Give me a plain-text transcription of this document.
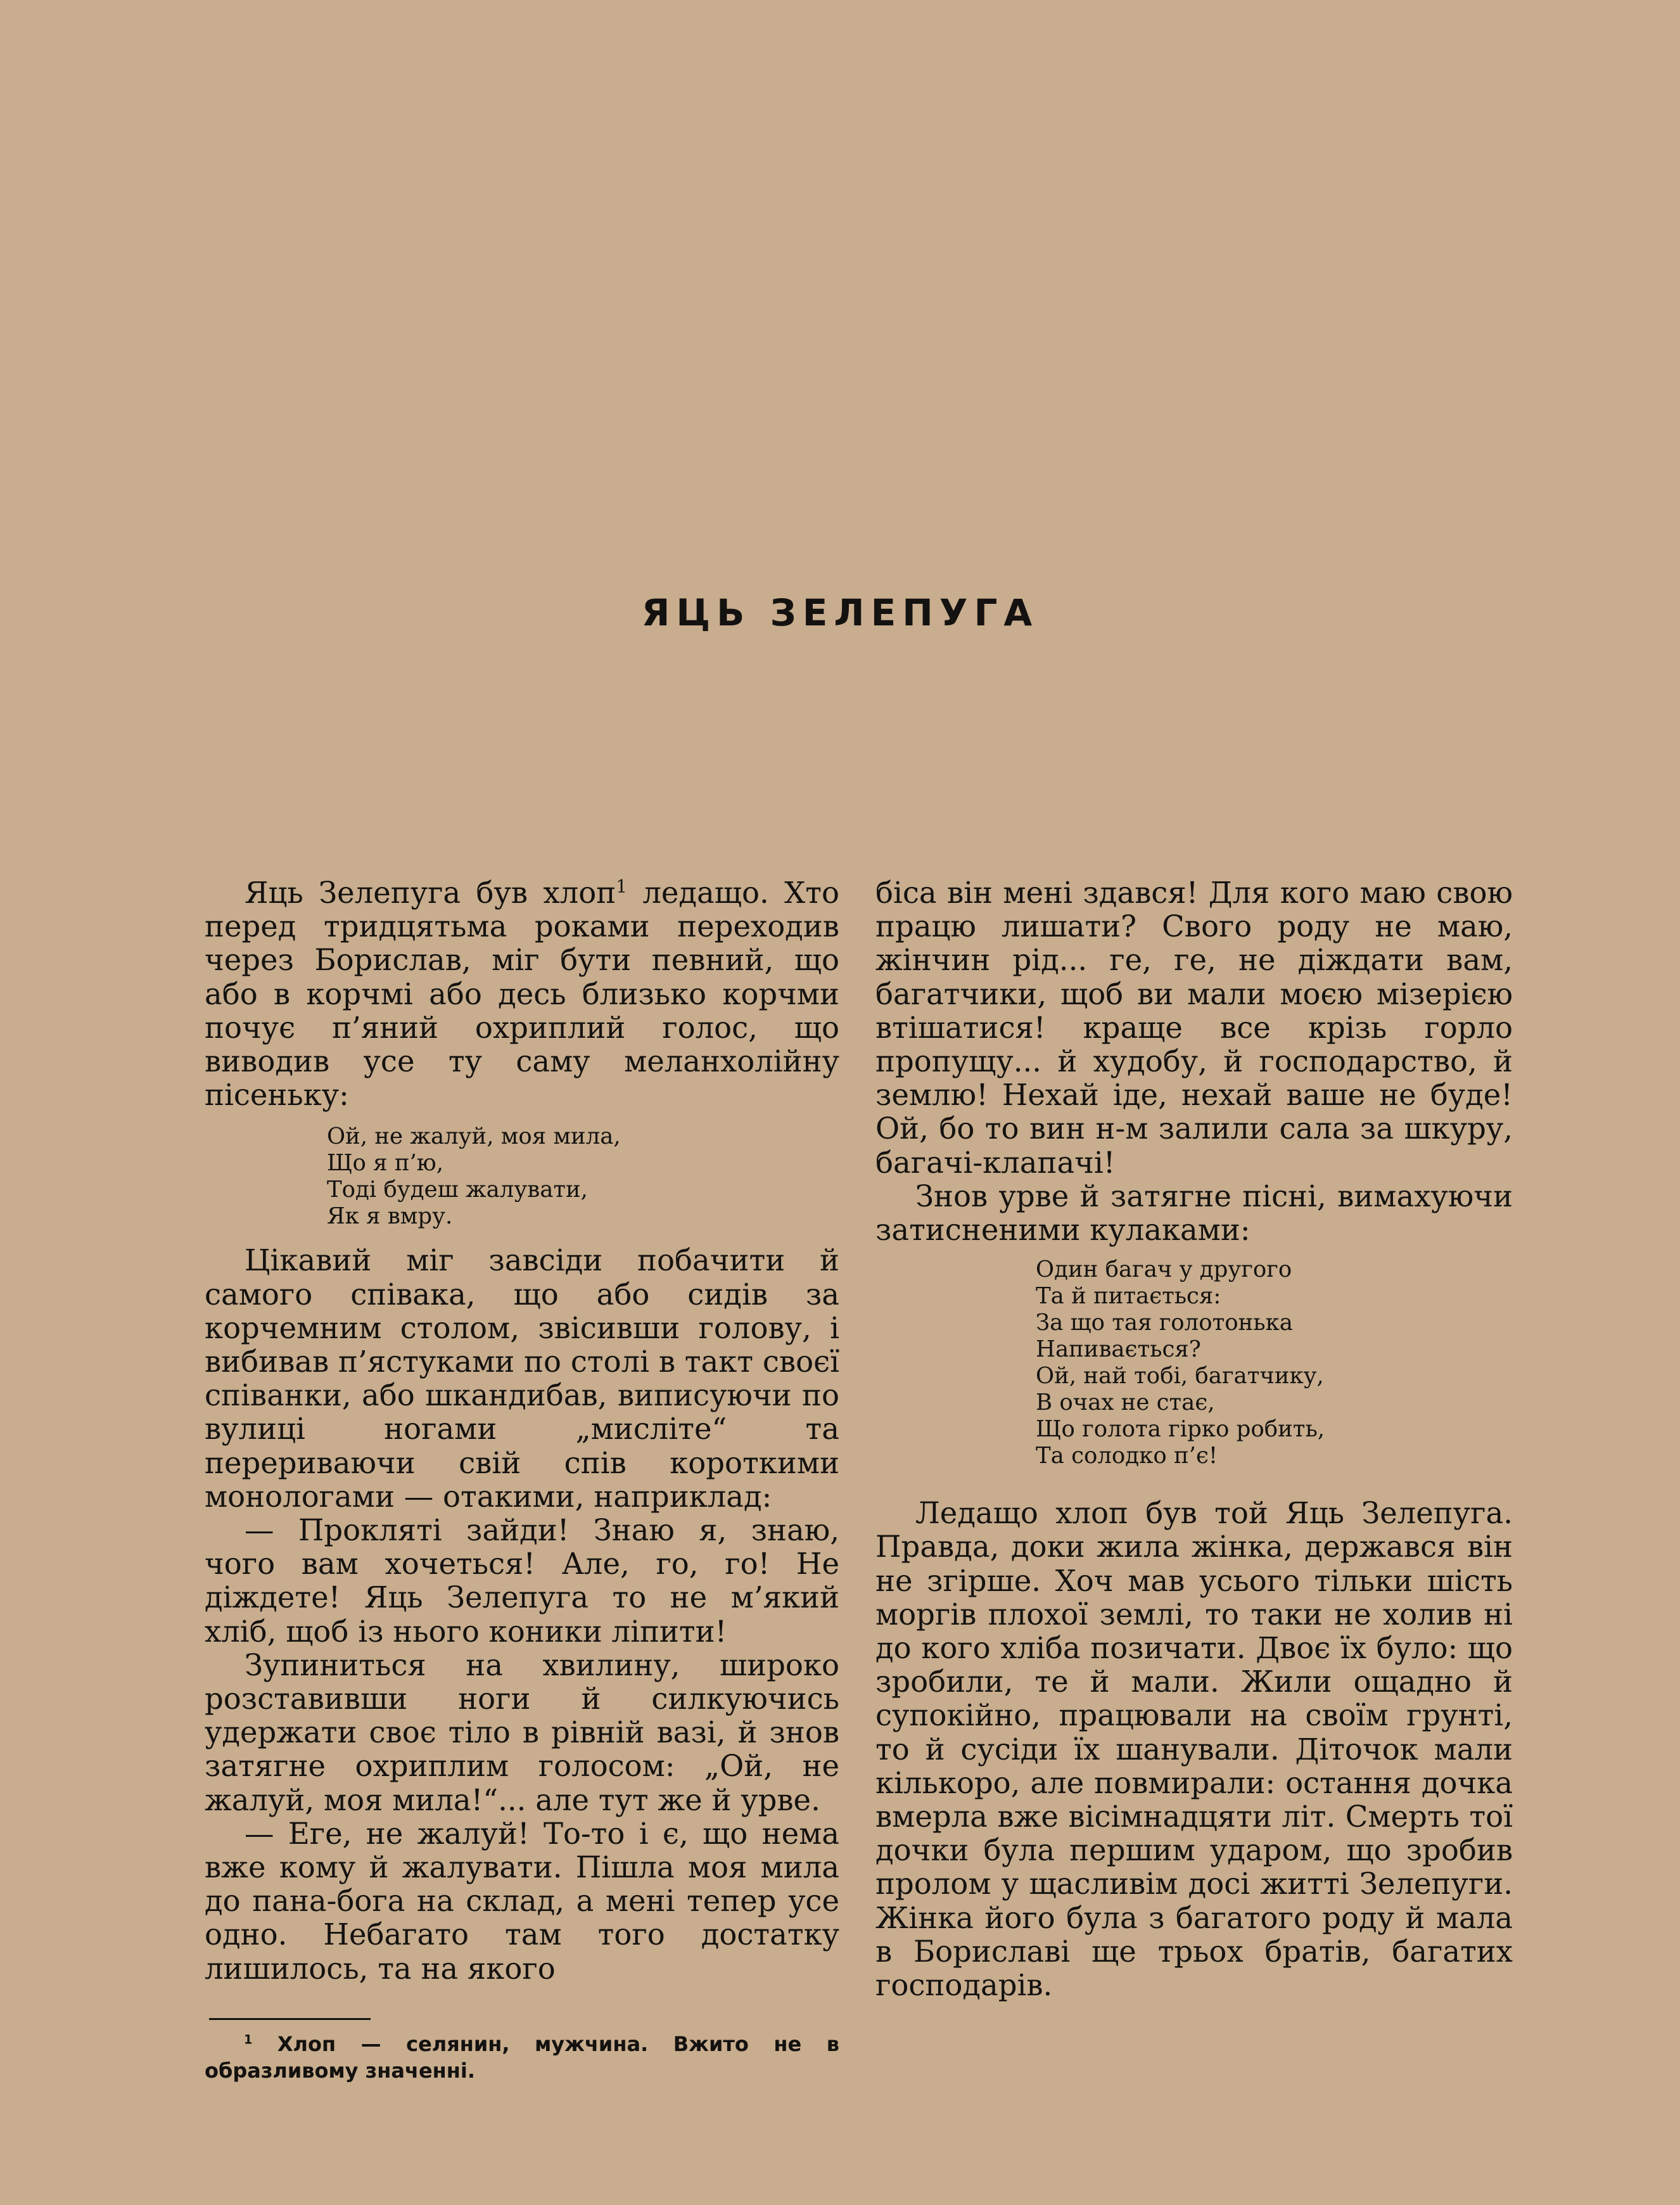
ЯЦЬ ЗЕЛЕПУГА

Яць Зелепуга був хлоп$^1$ ледащо. Хто перед тридцятьма роками переходив через Борислав, міг бути певний, що або в корчмі або десь близько корчми почує п’яний охриплий голос, що виводив усе ту саму меланхолійну пісеньку:

Ой, не жалуй, моя мила,
Що я п’ю,
Тоді будеш жалувати,
Як я вмру.

Цікавий міг завсіди побачити й самого співака, що або сидів за корчемним столом, звісивши голову, і вибивав п’ястуками по столі в такт своєї співанки, або шкандибав, виписуючи по вулиці ногами „мисліте“ та перериваючи свій спів короткими монологами — отакими, наприклад:

— Прокляті зайди! Знаю я, знаю, чого вам хочеться! Але, го, го! Не діждете! Яць Зелепуга то не м’який хліб, щоб із нього коники ліпити!

Зупиниться на хвилину, широко розставивши ноги й силкуючись удержати своє тіло в рівній вазі, й знов затягне охриплим голосом: „Ой, не жалуй, моя мила!“... але тут же й урве.

— Еге, не жалуй! То-то і є, що нема вже кому й жалувати. Пішла моя мила до пана-бога на склад, а мені тепер усе одно. Небагато там того достатку лишилось, та на якого

біса він мені здався! Для кого маю свою працю лишати? Свого роду не маю, жінчин рід... ге, ге, не діждати вам, багатчики, щоб ви мали моєю мізерією втішатися! краще все крізь горло пропущу... й худобу, й господарство, й землю! Нехай іде, нехай ваше не буде! Ой, бо то вин н-м залили сала за шкуру, багачі-клапачі!

Знов урве й затягне пісні, вимахуючи затисненими кулаками:

Один багач у другого
Та й питається:
За що тая голотонька
Напивається?
Ой, най тобі, багатчику,
В очах не стає,
Що голота гірко робить,
Та солодко п’є!

Ледащо хлоп був той Яць Зелепуга. Правда, доки жила жінка, держався він не згірше. Хоч мав усього тільки шість моргів плохої землі, то таки не холив ні до кого хліба позичати. Двоє їх було: що зробили, те й мали. Жили ощадно й супокійно, працювали на своїм грунті, то й сусіди їх шанували. Діточок мали кількоро, але повмирали: остання дочка вмерла вже вісімнадцяти літ. Смерть тої дочки була першим ударом, що зробив пролом у щасливім досі житті Зелепуги. Жінка його була з багатого роду й мала в Бориславі ще трьох братів, багатих господарів.

$^1$ Хлоп — селянин, мужчина. Вжито не в образливому значенні.
